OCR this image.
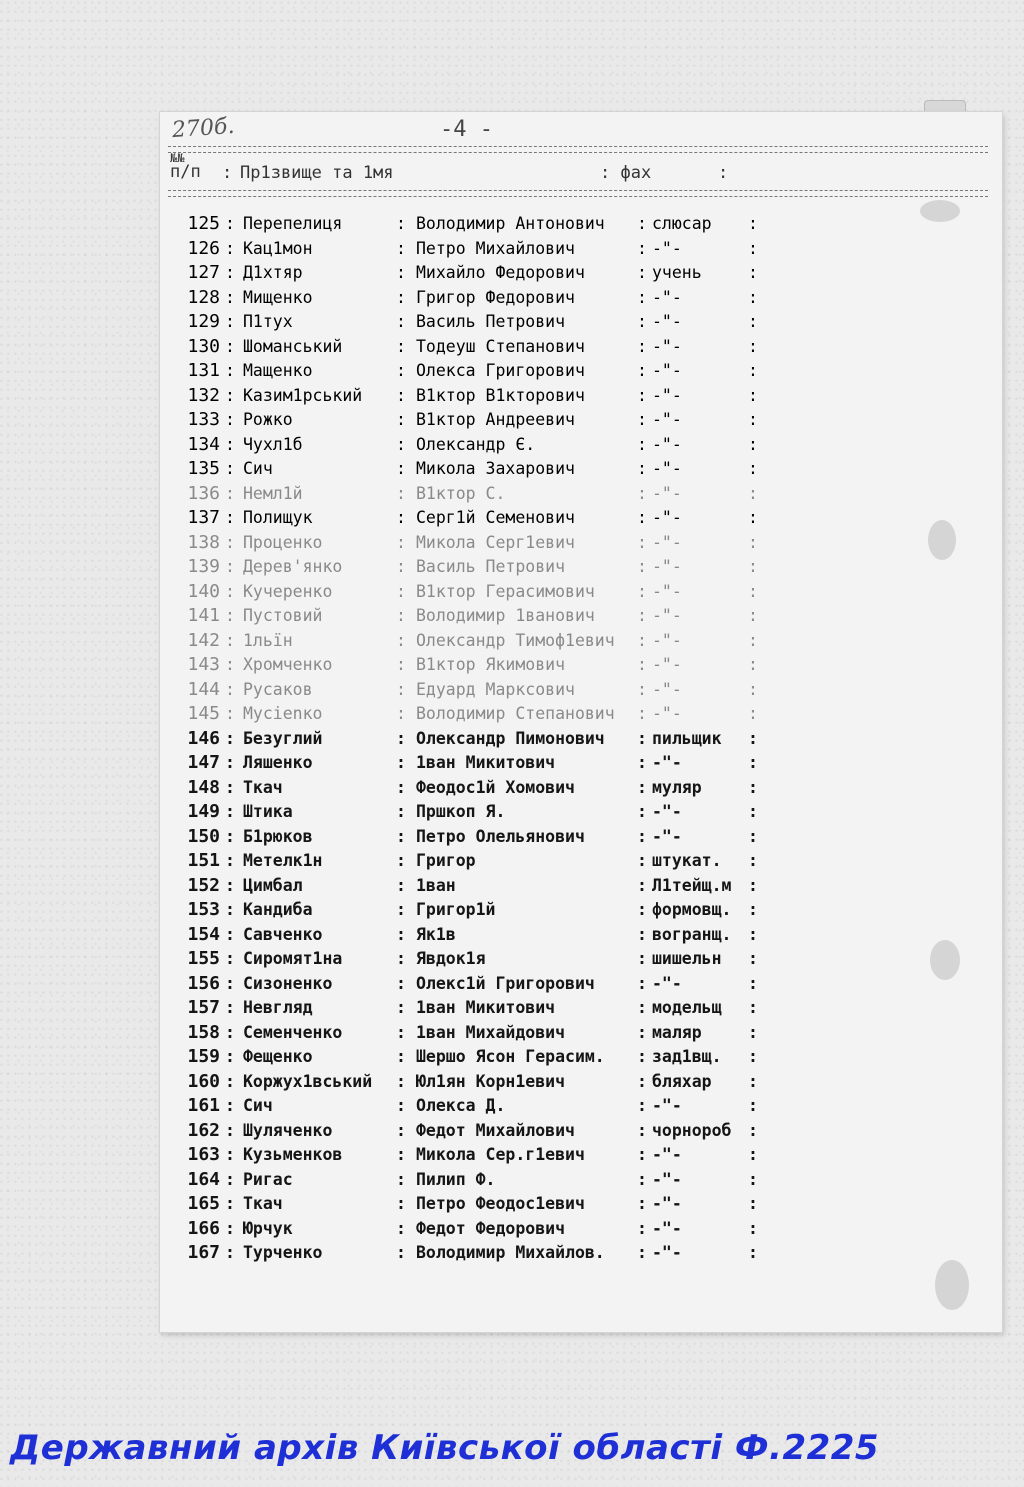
270б.	-4 -
№№
п/п	: Пр1звище та 1мя	: фах	:
125 : Перепелиця	: Володимир Антонович : слюсар :
126 : Кац1мон	: Петро Михайлович	: -"-	:
127 : Д1хтяр	: Михайло Федорович	: учень	:
128 : Мищенко	: Григор Федорович	: -"-	:
129 : П1тух	: Василь Петрович	: -"-	:
130 : Шоманський	: Тодеуш Степанович	: -"-	:
131 : Мащенко	: Олекса Григорович	: -"-	:
132 : Казим1рський : В1ктор В1кторович	: -"-	:
133 : Рожко	: В1ктор Андреевич	: -"-	:
134 : Чухл1б	: Олександр Є.	: -"-	:
135 : Сич	: Микола Захарович	: -"-	:
136 : Немл1й	: В1ктор С.	: -"-	:
137 : Полищук	: Серг1й Семенович	: -"-	:
138 : Проценко	: Микола Серг1евич	: -"-	:
139 : Дерев'янко	: Василь Петрович	: -"-	:
140 : Кучеренко	: В1ктор Герасимович	: -"-	:
141 : Пустовий	: Володимир 1ванович	: -"-	:
142 : 1льїн	: Олександр Тимоф1евич : -"-	:
143 : Хромченко	: В1ктор Якимович	: -"-	:
144 : Русаков	: Едуард Марксович	: -"-	:
145 : Мусienко	: Володимир Степанович : -"-	:
146 : Безуглий	: Олександр Пимонович : пильщик :
147 : Ляшенко	: 1ван Микитович	: -"-	:
148 : Ткач	: Феодос1й Хомович	: муляр	:
149 : Штика	: Пршкоп Я.	: -"-	:
150 : Б1рюков	: Петро Олельянович	: -"-	:
151 : Метелк1н	: Григор	: штукат. :
152 : Цимбал	: 1ван	: Л1тейщ.м :
153 : Кандиба	: Григор1й	: формовщ. :
154 : Савченко	: Як1в	: вогранщ. :
155 : Сиромят1на	: Явдок1я	: шишельн :
156 : Сизоненко	: Олекс1й Григорович	: -"-	:
157 : Невгляд	: 1ван Микитович	: модельщ :
158 : Семенченко	: 1ван Михайдович	: маляр	:
159 : Фещенко	: Шершо Ясон Герасим. : зад1вщ. :
160 : Коржух1вський : Юл1ян Корн1евич	: бляхар :
161 : Сич	: Олекса Д.	: -"-	:
162 : Шуляченко	: Федот Михайлович	: чорнороб :
163 : Кузьменков	: Микола Сер.г1евич	: -"-	:
164 : Ригас	: Пилип Ф.	: -"-	:
165 : Ткач	: Петро Феодос1евич	: -"-	:
166 : Юрчук	: Федот Федорович	: -"-	:
167 : Турченко	: Володимир Михайлов. : -"-	:
Державний архів Київської області Ф.2225
